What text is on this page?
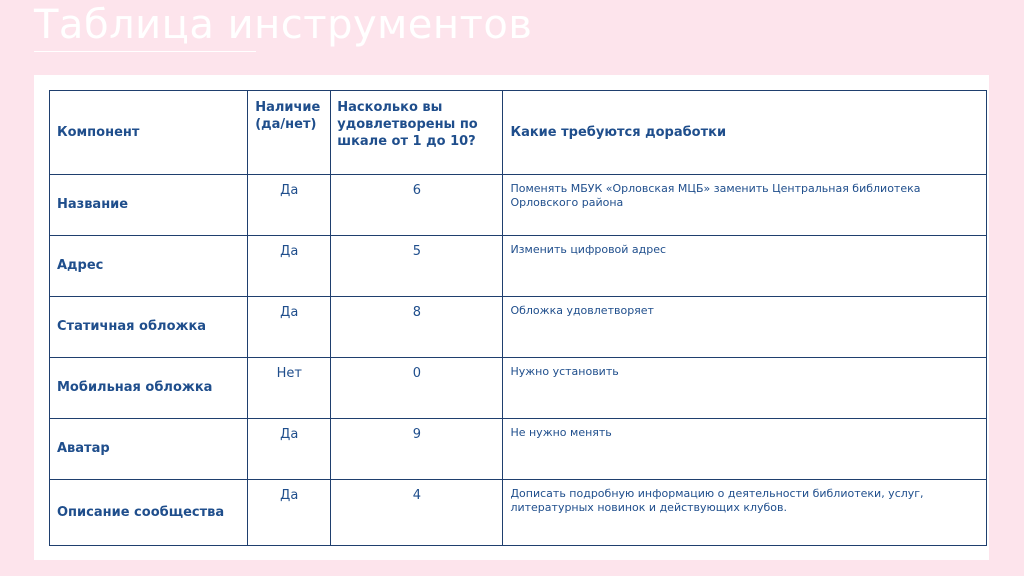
Таблица инструментов
Компонент	Наличие (да/нет)	Насколько вы удовлетворены по шкале от 1 до 10?	Какие требуются доработки
Название	Да	6	Поменять МБУК «Орловская МЦБ» заменить Центральная библиотека Орловского района
Адрес	Да	5	Изменить цифровой адрес
Статичная обложка	Да	8	Обложка удовлетворяет
Мобильная обложка	Нет	0	Нужно установить
Аватар	Да	9	Не нужно менять
Описание сообщества	Да	4	Дописать подробную информацию о деятельности библиотеки, услуг, литературных новинок и действующих клубов.
